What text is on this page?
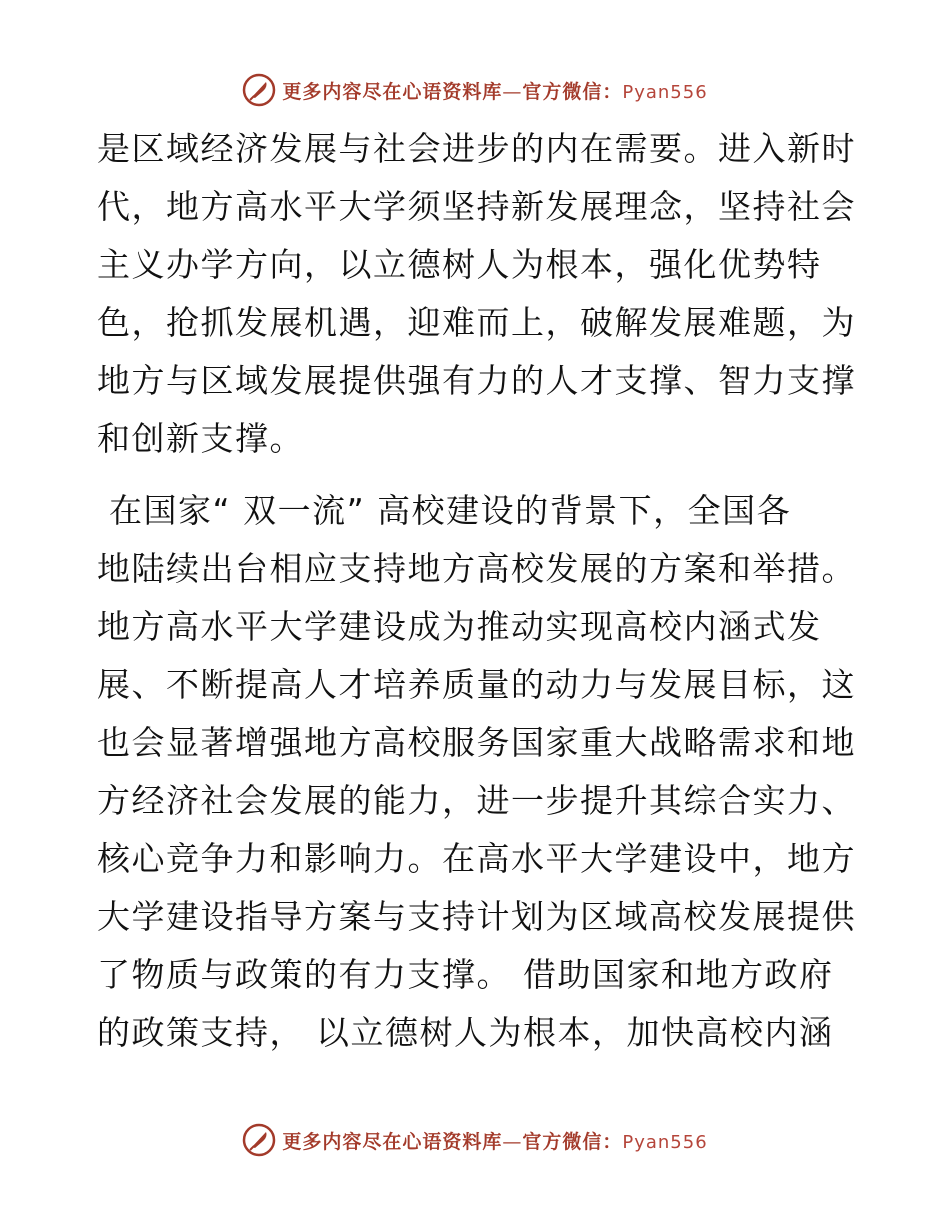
更多内容尽在心语资料库—官方微信：Pyan556
是区域经济发展与社会进步的内在需要。进入新时
代，地方高水平大学须坚持新发展理念，坚持社会
主义办学方向，以立德树人为根本，强化优势特
色，抢抓发展机遇，迎难而上，破解发展难题，为
地方与区域发展提供强有力的人才支撑、智力支撑
和创新支撑。
在国家“ 双一流” 高校建设的背景下，全国各
地陆续出台相应支持地方高校发展的方案和举措。
地方高水平大学建设成为推动实现高校内涵式发
展、不断提高人才培养质量的动力与发展目标，这
也会显著增强地方高校服务国家重大战略需求和地
方经济社会发展的能力，进一步提升其综合实力、
核心竞争力和影响力。在高水平大学建设中，地方
大学建设指导方案与支持计划为区域高校发展提供
了物质与政策的有力支撑。 借助国家和地方政府
的政策支持， 以立德树人为根本，加快高校内涵
更多内容尽在心语资料库—官方微信：Pyan556
